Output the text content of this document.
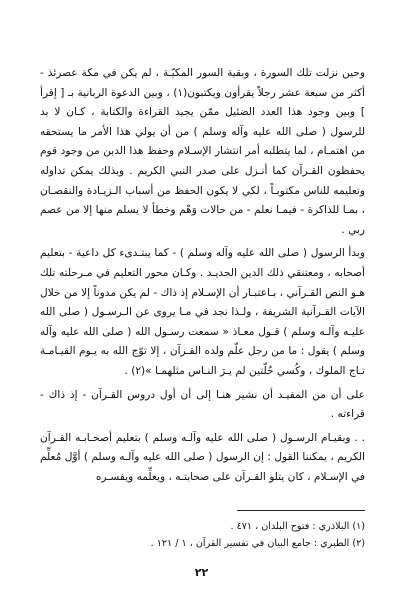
وحين نزلت تلك السورة ، وبقية السور المكيّـة ، لم يكن في مكة عصرئذ - أكثر من سبعة عشر رجلاً يقرأون ويكتبون(١) ، وبين الدعوة الربانية بـ [ إقرأ ] وبين وجود هذا العدد الضئيل ممّن يجيد القراءة والكتابة ، كـان لا بد للرسول ( صلى الله عليه وآله وسلم ) من أن يولي هذا الأمر ما يستحقه من اهتمـام ، لما يتطلبه أمر انتشار الإسـلام وحفظ هذا الدين من وجود قوم يحفظون القـرآن كما أنـزل على صدر النبي الكريم . وبذلك يمكن تداوله وتعليمه للناس مكتوبـاً ، لكي لا يكون الحفظ من أسباب الـزيـادة والنقصـان ، بمـا للذاكرة - فيمـا نعلم - من حالات وَهْم وخطأ لا يسلم منها إلا من عصم ربي .

وبدأ الرسول ( صلى الله عليه وآله وسلم ) - كما يبتـدىء كل داعية - بتعليم أصحابه ، ومعتنقي ذلك الدين الجديـد . وكـان محور التعليم في مـرحلته تلك هـو النص القـرآني ، بـاعتبـار أن الإسـلام إذ ذاك - لم يكن مدوناً إلا من خلال الآيات القـرآنية الشريفة ، ولـذا نجد في مـا يروى عن الـرسـول ( صلى الله عليـه وآلـه وسلم ) قـول معـاذ « سمعت رسـول الله ( صلى الله عليه وآله وسلم ) يقول : ما من رجل علّم ولده القـرآن ، إلا توّج الله به يـوم القيـامـة تـاج الملوك ، وكُسي حُلّتين لم يـرَ النـاس مثلهمـا »(٢) .

على أن من المفيـد أن نشير هنـا إلى أن أول دروس القـرآن - إذ ذاك - قراءته .

. . وبقيـام الرسـول ( صلى الله عليه وآلـه وسلم ) بتعليم أصحـابـه القـرآن الكريم ، يمكننا القول : إن الرسول ( صلى الله عليه وآلـه وسلم ) أوَّل مُعلِّم في الإسـلام ، كان يتلو القـرآن على صحابتـه ، ويعلِّمه ويفسـره

(١) البلاذري : فتوح البلدان ، ٤٧١ .

(٢) الطبري : جامع البيان في تفسير القرآن ، ١ / ١٢١ .

٢٢
